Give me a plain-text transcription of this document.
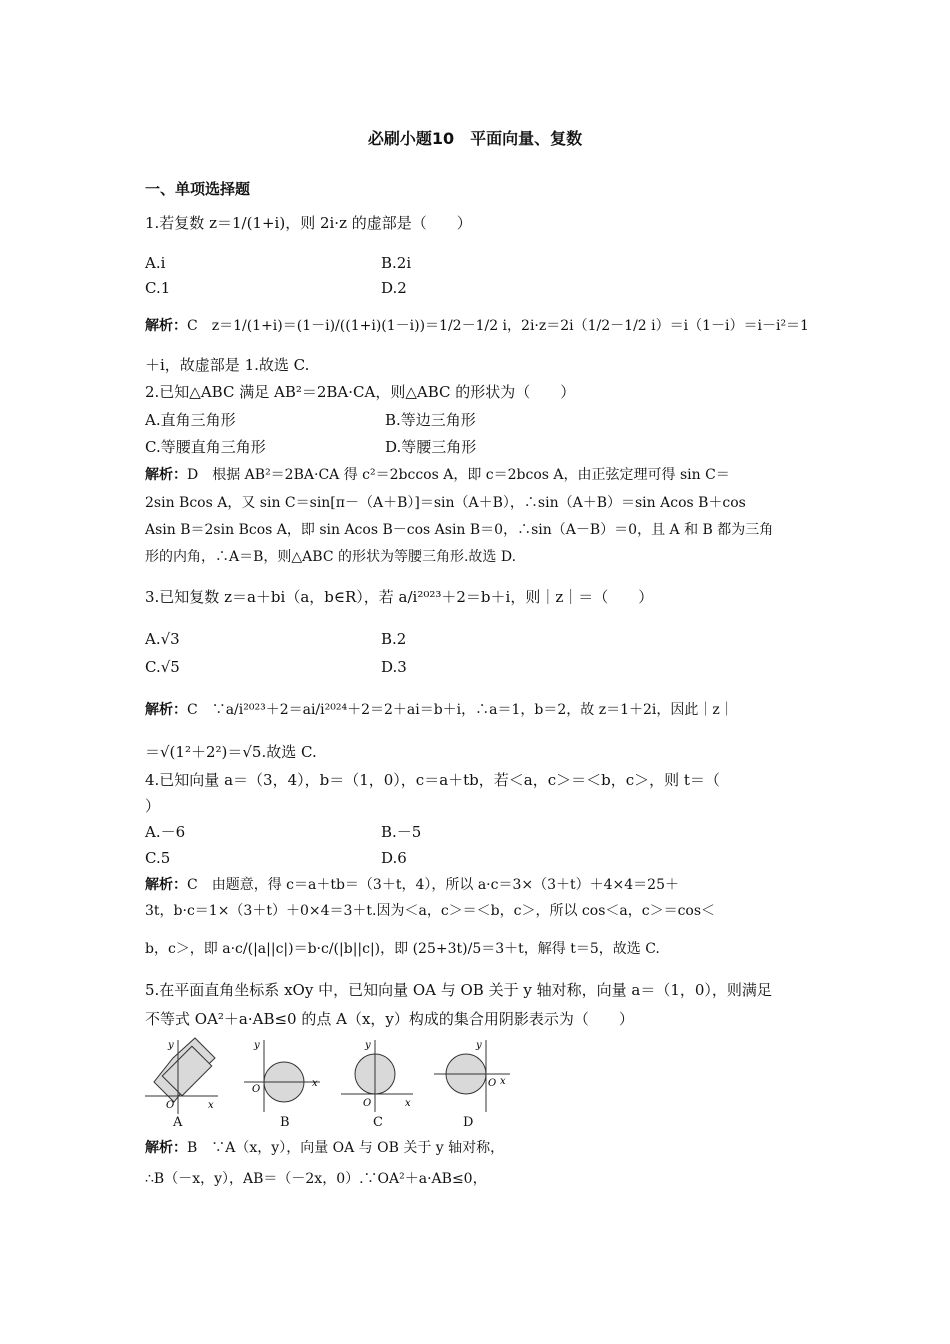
必刷小题10　平面向量、复数
一、单项选择题
1.若复数 z＝1/(1+i)，则 2i·z 的虚部是（　　）
A.i	B.2i
C.1	D.2
解析：C　z＝1/(1+i)＝(1－i)/((1+i)(1－i))＝1/2－1/2 i，2i·z＝2i（1/2－1/2 i）＝i（1－i）＝i－i²＝1
＋i，故虚部是 1.故选 C.
2.已知△ABC 满足 AB²＝2BA·CA，则△ABC 的形状为（　　）
A.直角三角形	B.等边三角形
C.等腰直角三角形	D.等腰三角形
解析：D　根据 AB²＝2BA·CA 得 c²＝2bccos A，即 c＝2bcos A，由正弦定理可得 sin C＝
2sin Bcos A，又 sin C＝sin[π－（A＋B）]＝sin（A＋B），∴sin（A＋B）＝sin Acos B＋cos
Asin B＝2sin Bcos A，即 sin Acos B－cos Asin B＝0，∴sin（A－B）＝0，且 A 和 B 都为三角
形的内角，∴A＝B，则△ABC 的形状为等腰三角形.故选 D.
3.已知复数 z＝a＋bi（a，b∈R），若 a/i²⁰²³＋2＝b＋i，则｜z｜＝（　　）
A.√3	B.2
C.√5	D.3
解析：C　∵a/i²⁰²³＋2＝ai/i²⁰²⁴＋2＝2＋ai＝b＋i，∴a＝1，b＝2，故 z＝1＋2i，因此｜z｜
＝√(1²＋2²)＝√5.故选 C.
4.已知向量 a＝（3，4），b＝（1，0），c＝a＋tb，若＜a，c＞＝＜b，c＞，则 t＝（
）
A.－6	B.－5
C.5	D.6
解析：C　由题意，得 c＝a＋tb＝（3＋t，4），所以 a·c＝3×（3＋t）＋4×4＝25＋
3t，b·c＝1×（3＋t）＋0×4＝3＋t.因为＜a，c＞＝＜b，c＞，所以 cos＜a，c＞＝cos＜
b，c＞，即 a·c/(|a||c|)＝b·c/(|b||c|)，即 (25+3t)/5＝3＋t，解得 t＝5，故选 C.
5.在平面直角坐标系 xOy 中，已知向量 OA 与 OB 关于 y 轴对称，向量 a＝（1，0），则满足
不等式 OA²＋a·AB≤0 的点 A（x，y）构成的集合用阴影表示为（　　）
y
x
O
A
y
x
O
B
y
x
O
C
y
x
O
D
解析：B　∵A（x，y），向量 OA 与 OB 关于 y 轴对称，
∴B（－x，y），AB＝（－2x，0）.∵OA²＋a·AB≤0，
